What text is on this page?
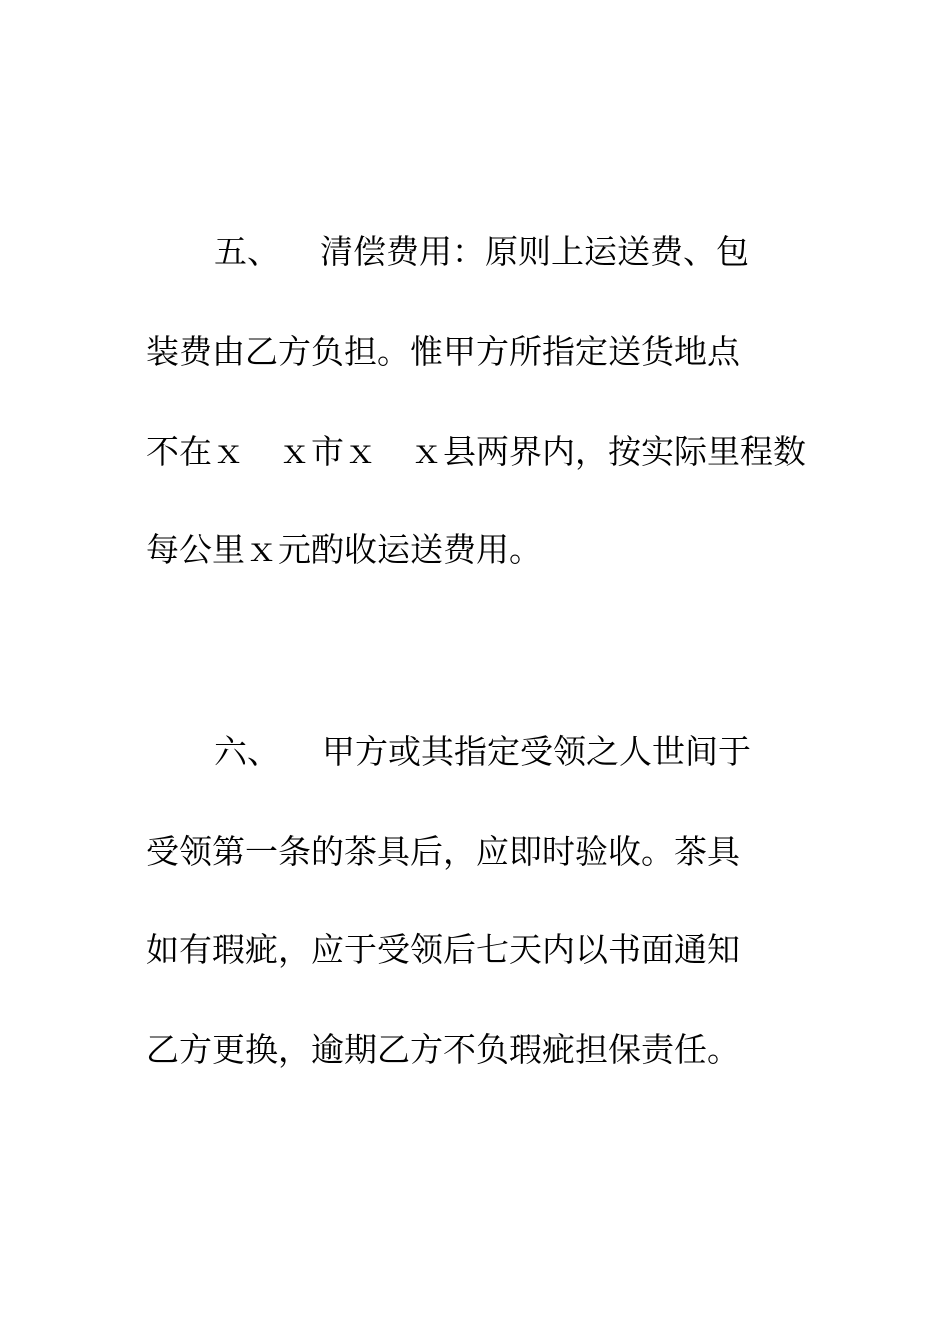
五、 清偿费用：原则上运送费、包
装费由乙方负担。惟甲方所指定送货地点
不在ｘ　ｘ市ｘ　ｘ县两界内，按实际里程数
每公里ｘ元酌收运送费用。
六、 甲方或其指定受领之人世间于
受领第一条的茶具后，应即时验收。茶具
如有瑕疵，应于受领后七天内以书面通知
乙方更换，逾期乙方不负瑕疵担保责任。
